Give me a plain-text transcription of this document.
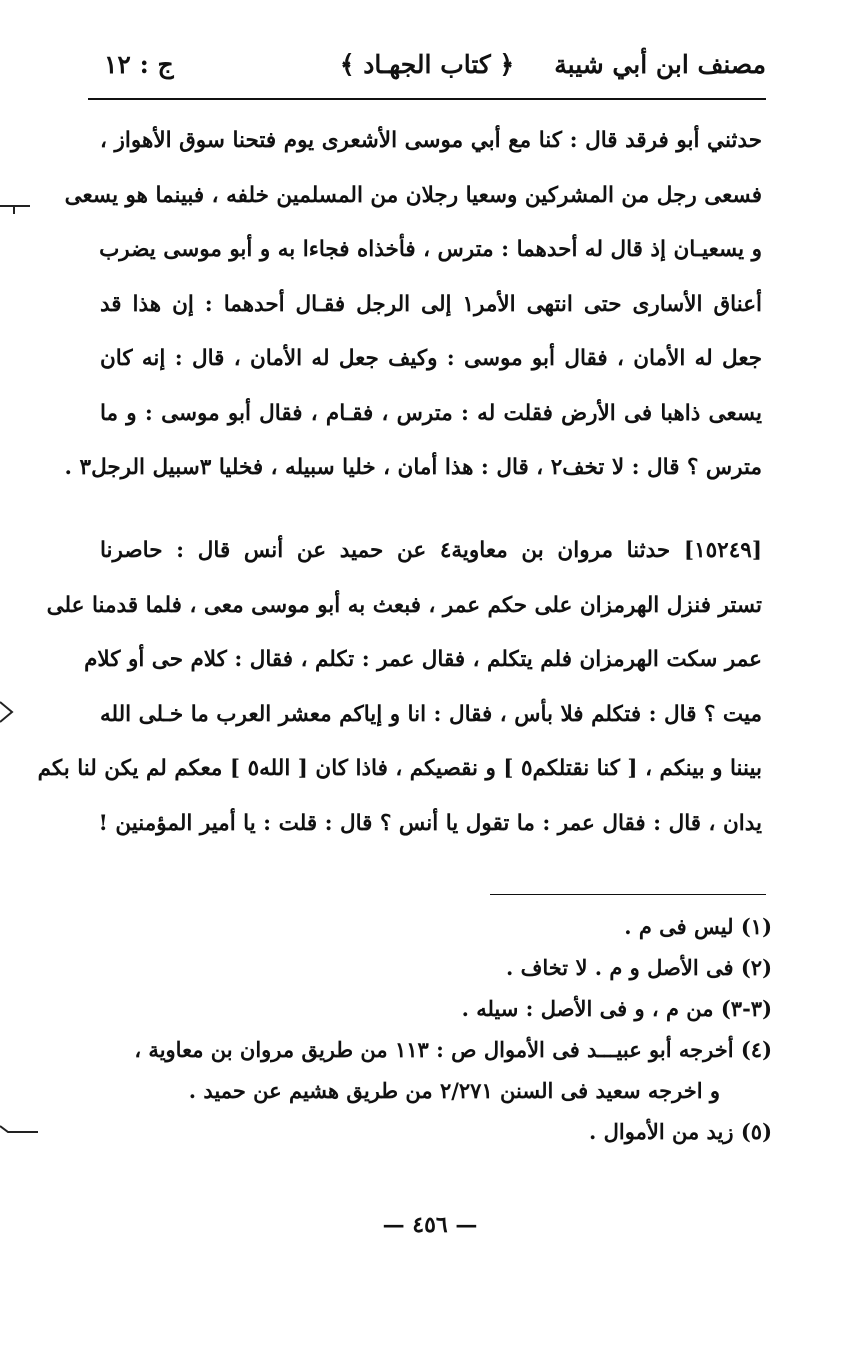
مصنف ابن أبي شيبة
﴿ كتاب الجهـاد ﴾
ج : ١٢
حدثني أبو فرقد قال : كنا مع أبي موسى الأشعرى يوم فتحنا سوق الأهواز ،
فسعى رجل من المشركين وسعيا رجلان من المسلمين خلفه ، فبينما هو يسعى
و يسعيـان إذ قال له أحدهما : مترس ، فأخذاه فجاءا به و أبو موسى يضرب
أعناق الأسارى حتى انتهى الأمر١ إلى الرجل فقـال أحدهما : إن هذا قد
جعل له الأمان ، فقال أبو موسى : وكيف جعل له الأمان ، قال : إنه كان
يسعى ذاهبا فى الأرض فقلت له : مترس ، فقـام ، فقال أبو موسى : و ما
مترس ؟ قال : لا تخف٢ ، قال : هذا أمان ، خليا سبيله ، فخليا ٣سبيل الرجل٣ .
[١٥٢٤٩] حدثنا مروان بن معاوية٤ عن حميد عن أنس قال : حاصرنا
تستر فنزل الهرمزان على حكم عمر ، فبعث به أبو موسى معى ، فلما قدمنا على
عمر سكت الهرمزان فلم يتكلم ، فقال عمر : تكلم ، فقال : كلام حى أو كلام
ميت ؟ قال : فتكلم فلا بأس ، فقال : انا و إياكم معشر العرب ما خـلى الله
بيننا و بينكم ، [ كنا نقتلكم٥ ] و نقصيكم ، فاذا كان [ الله٥ ] معكم لم يكن لنا بكم
يدان ، قال : فقال عمر : ما تقول يا أنس ؟ قال : قلت : يا أمير المؤمنين !
(١) ليس فى م .
(٢) فى الأصل و م . لا تخاف .
(٣-٣) من م ، و فى الأصل : سيله .
(٤) أخرجه أبو عبيـــد فى الأموال ص : ١١٣ من طريق مروان بن معاوية ،
و اخرجه سعيد فى السنن ٢/٢٧١ من طريق هشيم عن حميد .
(٥) زيد من الأموال .
— ٤٥٦ —
